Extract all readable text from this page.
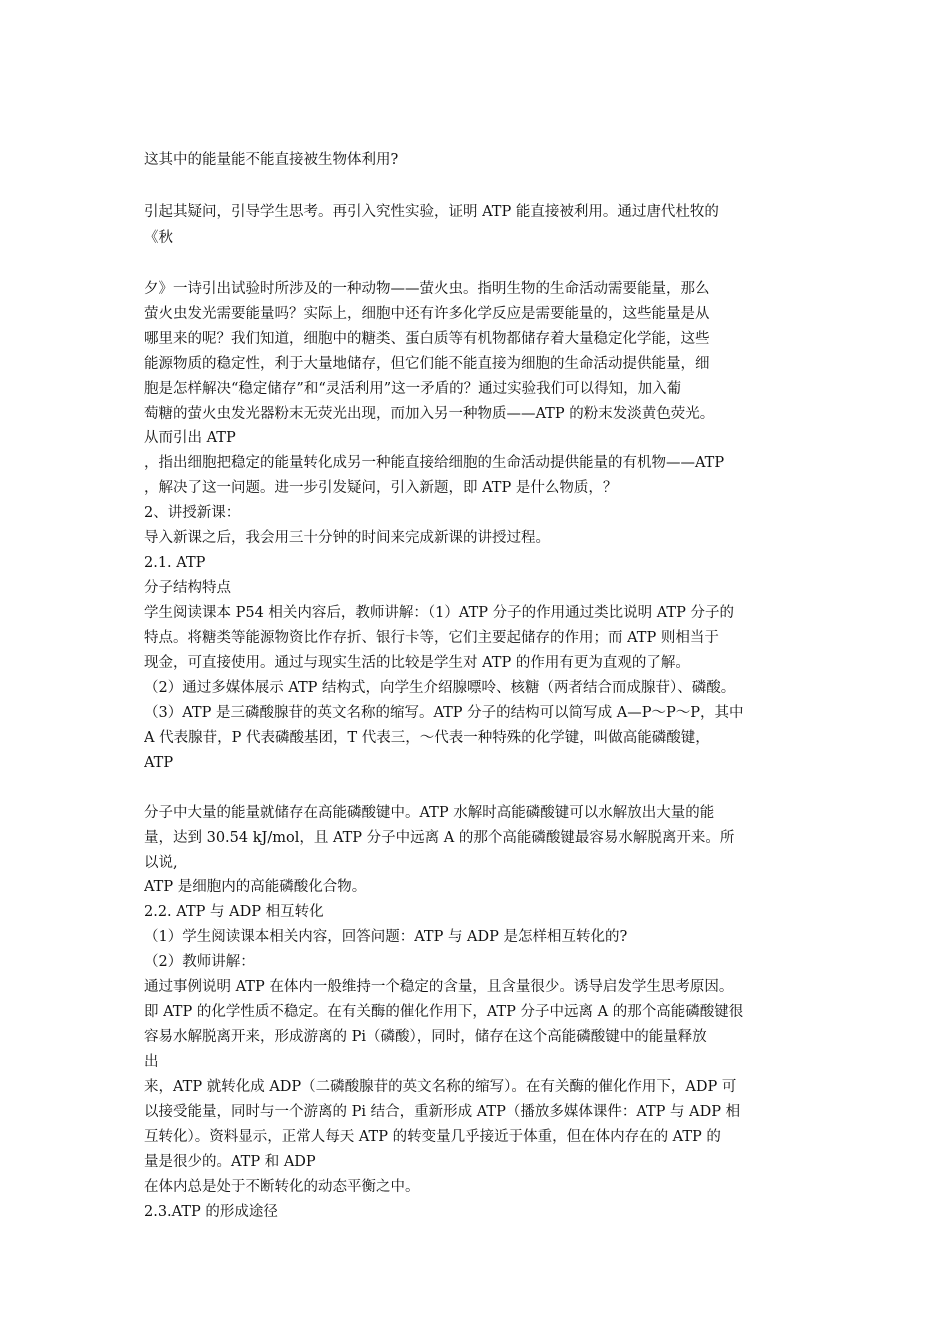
这其中的能量能不能直接被生物体利用?
引起其疑问，引导学生思考。再引入究性实验，证明 ATP 能直接被利用。通过唐代杜牧的
《秋
夕》一诗引出试验时所涉及的一种动物——萤火虫。指明生物的生命活动需要能量，那么
萤火虫发光需要能量吗？实际上，细胞中还有许多化学反应是需要能量的，这些能量是从
哪里来的呢？我们知道，细胞中的糖类、蛋白质等有机物都储存着大量稳定化学能，这些
能源物质的稳定性，利于大量地储存，但它们能不能直接为细胞的生命活动提供能量，细
胞是怎样解决“稳定储存”和“灵活利用”这一矛盾的？通过实验我们可以得知，加入葡
萄糖的萤火虫发光器粉末无荧光出现，而加入另一种物质——ATP 的粉末发淡黄色荧光。
从而引出 ATP
，指出细胞把稳定的能量转化成另一种能直接给细胞的生命活动提供能量的有机物——ATP
，解决了这一问题。进一步引发疑问，引入新题，即 ATP 是什么物质，？
2、讲授新课：
导入新课之后，我会用三十分钟的时间来完成新课的讲授过程。
2.1. ATP
分子结构特点
学生阅读课本 P54 相关内容后，教师讲解：（1）ATP 分子的作用通过类比说明 ATP 分子的
特点。将糖类等能源物资比作存折、银行卡等，它们主要起储存的作用；而 ATP 则相当于
现金，可直接使用。通过与现实生活的比较是学生对 ATP 的作用有更为直观的了解。
（2）通过多媒体展示 ATP 结构式，向学生介绍腺嘌呤、核糖（两者结合而成腺苷）、磷酸。
（3）ATP 是三磷酸腺苷的英文名称的缩写。ATP 分子的结构可以简写成 A—P～P～P，其中
A 代表腺苷，P 代表磷酸基团，T 代表三，～代表一种特殊的化学键，叫做高能磷酸键，
ATP
分子中大量的能量就储存在高能磷酸键中。ATP 水解时高能磷酸键可以水解放出大量的能
量，达到 30.54 kJ/mol，且 ATP 分子中远离 A 的那个高能磷酸键最容易水解脱离开来。所
以说,
ATP 是细胞内的高能磷酸化合物。
2.2. ATP 与 ADP 相互转化
（1）学生阅读课本相关内容，回答问题：ATP 与 ADP 是怎样相互转化的?
（2）教师讲解：
通过事例说明 ATP 在体内一般维持一个稳定的含量，且含量很少。诱导启发学生思考原因。
即 ATP 的化学性质不稳定。在有关酶的催化作用下，ATP 分子中远离 A 的那个高能磷酸键很
容易水解脱离开来，形成游离的 Pi（磷酸），同时，储存在这个高能磷酸键中的能量释放
出
来，ATP 就转化成 ADP（二磷酸腺苷的英文名称的缩写）。在有关酶的催化作用下，ADP 可
以接受能量，同时与一个游离的 Pi 结合，重新形成 ATP（播放多媒体课件：ATP 与 ADP 相
互转化）。资料显示，正常人每天 ATP 的转变量几乎接近于体重，但在体内存在的 ATP 的
量是很少的。ATP 和 ADP
在体内总是处于不断转化的动态平衡之中。
2.3.ATP 的形成途径
